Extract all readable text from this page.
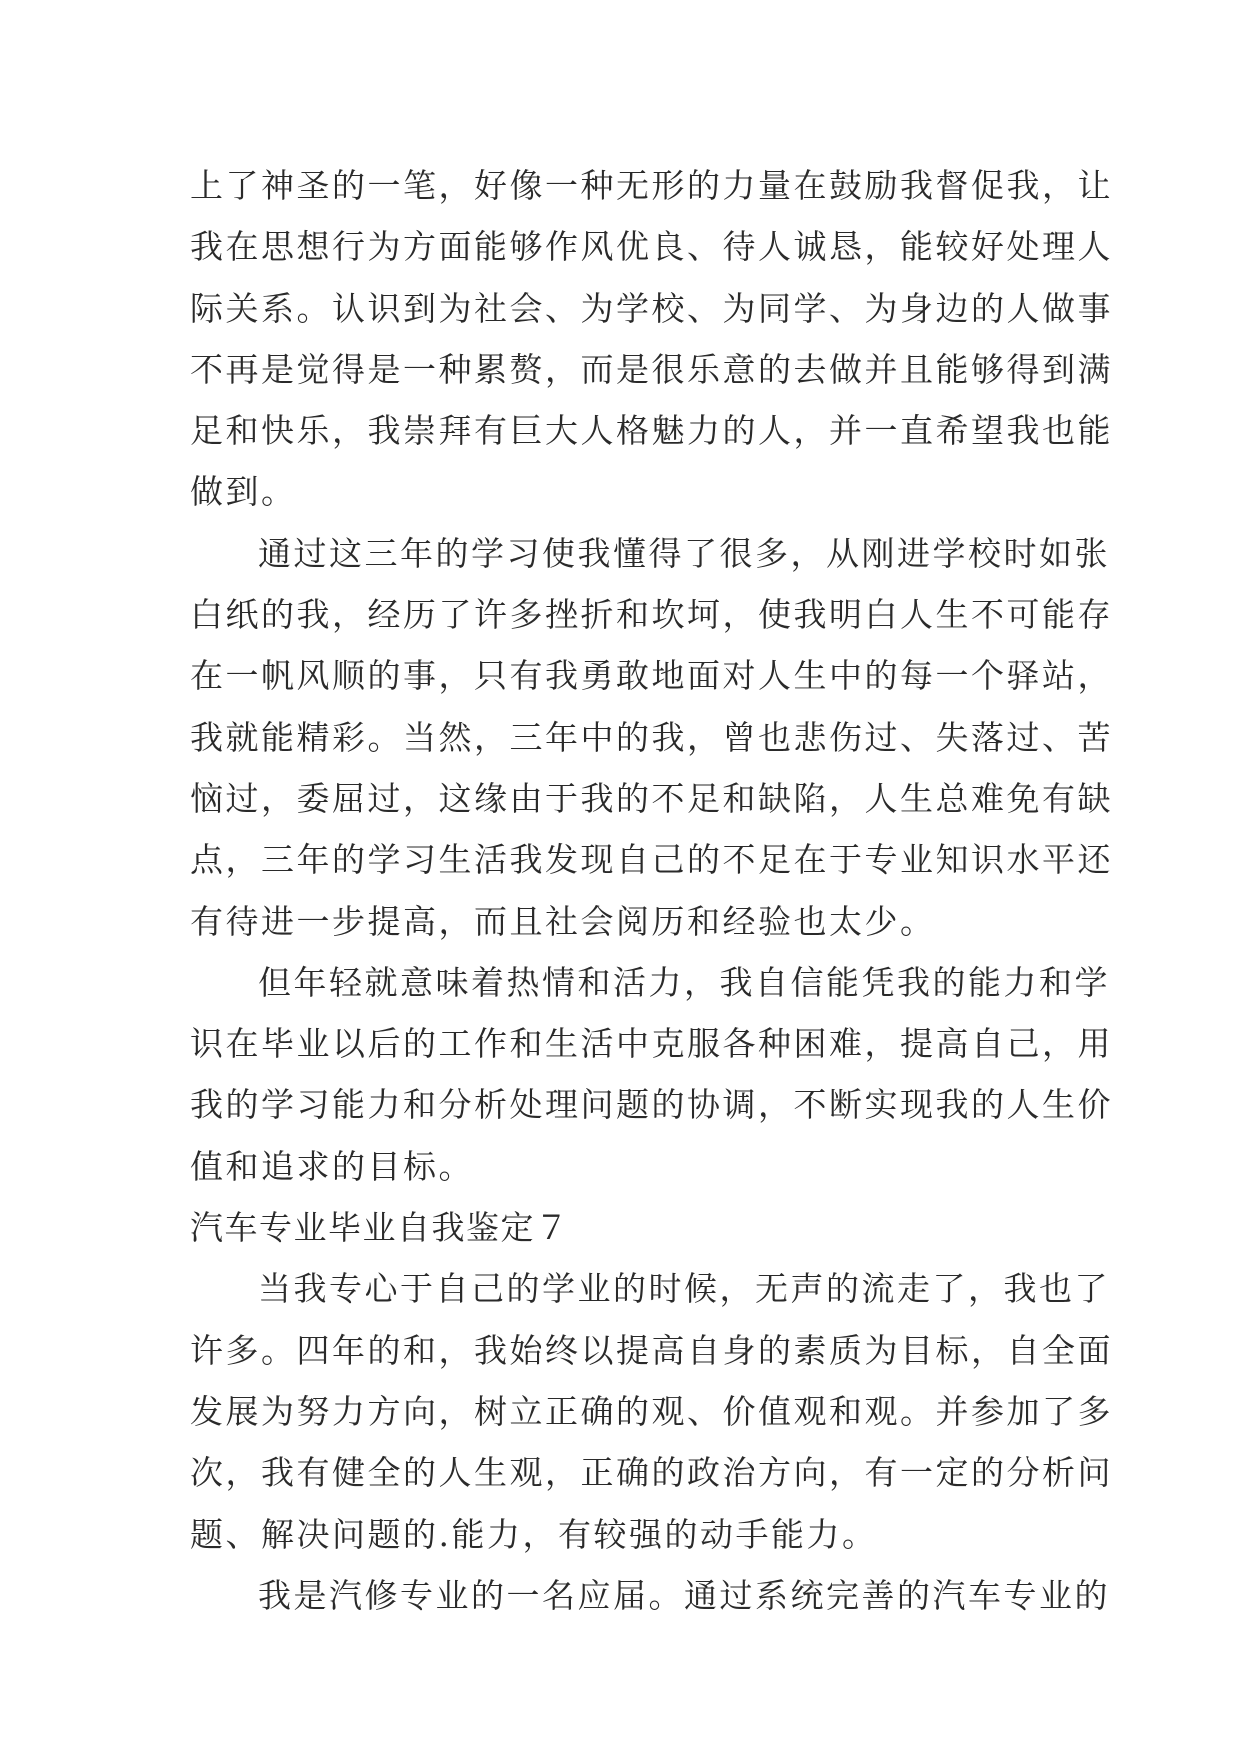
上了神圣的一笔，好像一种无形的力量在鼓励我督促我，让
我在思想行为方面能够作风优良、待人诚恳，能较好处理人
际关系。认识到为社会、为学校、为同学、为身边的人做事
不再是觉得是一种累赘，而是很乐意的去做并且能够得到满
足和快乐，我崇拜有巨大人格魅力的人，并一直希望我也能
做到。
通过这三年的学习使我懂得了很多，从刚进学校时如张
白纸的我，经历了许多挫折和坎坷，使我明白人生不可能存
在一帆风顺的事，只有我勇敢地面对人生中的每一个驿站，
我就能精彩。当然，三年中的我，曾也悲伤过、失落过、苦
恼过，委屈过，这缘由于我的不足和缺陷，人生总难免有缺
点，三年的学习生活我发现自己的不足在于专业知识水平还
有待进一步提高，而且社会阅历和经验也太少。
但年轻就意味着热情和活力，我自信能凭我的能力和学
识在毕业以后的工作和生活中克服各种困难，提高自己，用
我的学习能力和分析处理问题的协调，不断实现我的人生价
值和追求的目标。
汽车专业毕业自我鉴定７
当我专心于自己的学业的时候，无声的流走了，我也了
许多。四年的和，我始终以提高自身的素质为目标，自全面
发展为努力方向，树立正确的观、价值观和观。并参加了多
次，我有健全的人生观，正确的政治方向，有一定的分析问
题、解决问题的.能力，有较强的动手能力。
我是汽修专业的一名应届。通过系统完善的汽车专业的
